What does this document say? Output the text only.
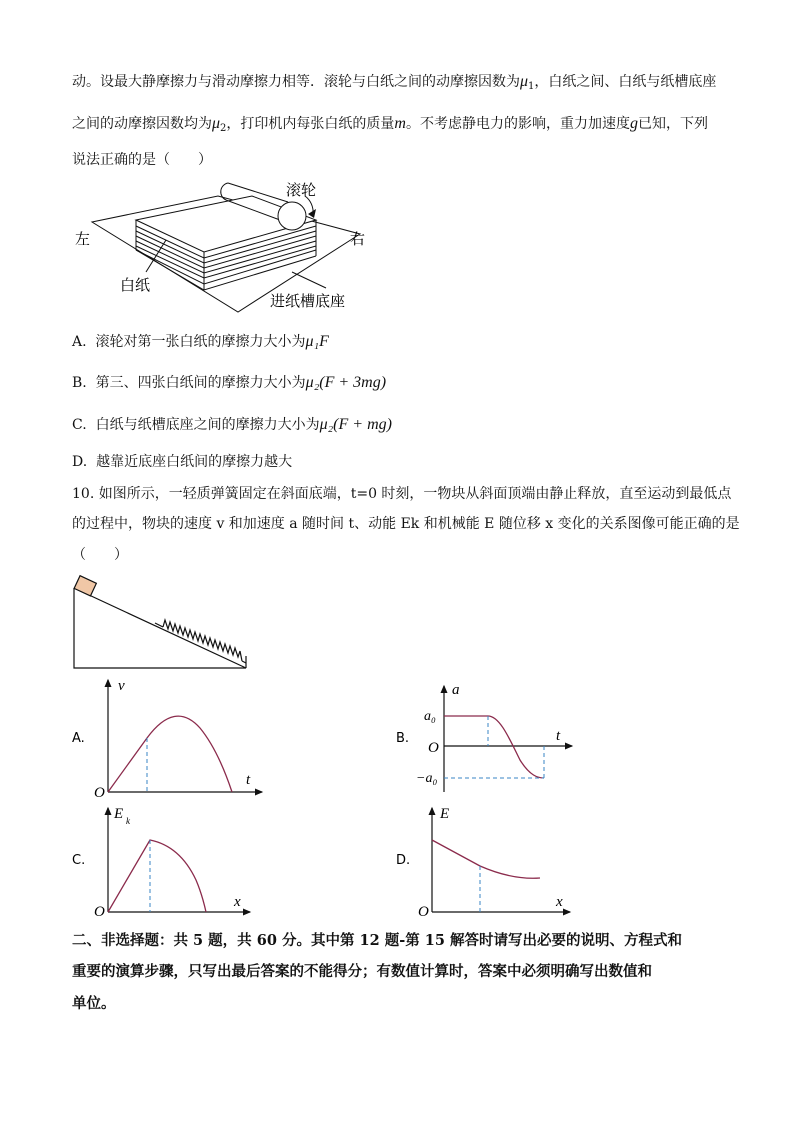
动。设最大静摩擦力与滑动摩擦力相等．滚轮与白纸之间的动摩擦因数为$\mu_1$，白纸之间、白纸与纸槽底座
之间的动摩擦因数均为$\mu_2$，打印机内每张白纸的质量m。不考虑静电力的影响，重力加速度g已知，下列
说法正确的是（　　）
滚轮
左	右
白纸
进纸槽底座
A. 滚轮对第一张白纸的摩擦力大小为μ₁F
B. 第三、四张白纸间的摩擦力大小为μ₂(F + 3mg)
C. 白纸与纸槽底座之间的摩擦力大小为μ₂(F + mg)
D. 越靠近底座白纸间的摩擦力越大
10. 如图所示，一轻质弹簧固定在斜面底端，t=0 时刻，一物块从斜面顶端由静止释放，直至运动到最低点
的过程中，物块的速度 v 和加速度 a 随时间 t、动能 Ek 和机械能 E 随位移 x 变化的关系图像可能正确的是
（　　）
A.
v
t
O
B.
a
t
O
a₀
−a₀
C.
E k
x
O
D.
E
x
O
二、非选择题：共 5 题，共 60 分。其中第 12 题-第 15 解答时请写出必要的说明、方程式和
重要的演算步骤，只写出最后答案的不能得分；有数值计算时，答案中必须明确写出数值和
单位。
